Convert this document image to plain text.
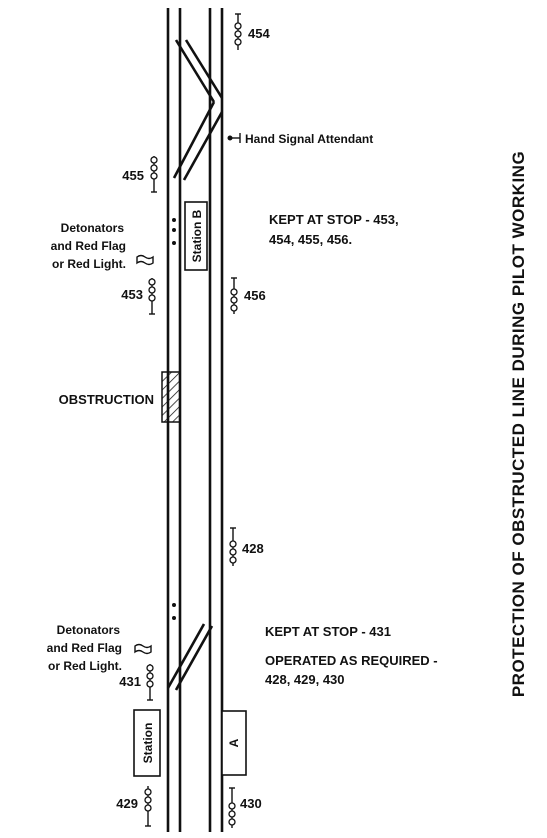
OBSTRUCTION
Station B
Station	A
454
455
453	456
428
431
429	430
Hand Signal Attendant
Detonators
and Red Flag
or Red Light.
Detonators
and Red Flag
or Red Light.
KEPT AT STOP - 453,
454, 455, 456.
KEPT AT STOP - 431
OPERATED AS REQUIRED -
428, 429, 430	PROTECTION OF OBSTRUCTED LINE DURING PILOT WORKING
